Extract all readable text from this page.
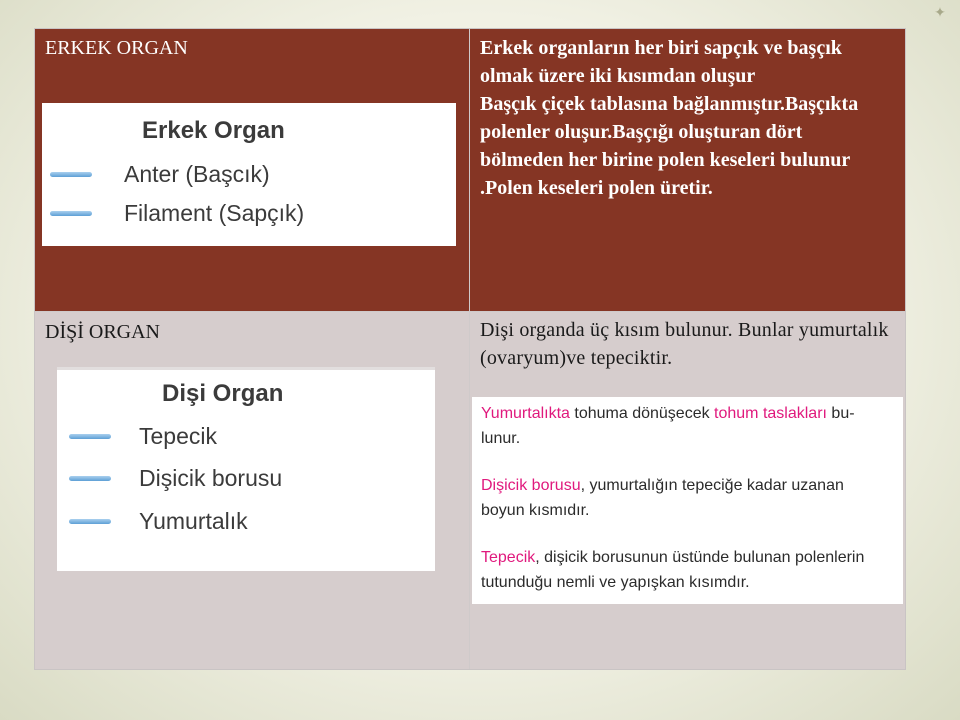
✦
ERKEK ORGAN	Erkek organların her biri sapçık ve başçık olmak üzere iki kısımdan oluşur

Başçık çiçek tablasına bağlanmıştır.Başçıkta polenler oluşur.Başçığı oluşturan dört bölmeden her birine polen keseleri bulunur .Polen keseleri polen üretir.

DİŞİ ORGAN	Dişi organda üç kısım bulunur. Bunlar yumurtalık (ovaryum)ve tepeciktir.

Erkek Organ
Anter (Başcık)
Filament (Sapçık)
Dişi Organ
Tepecik
Dişicik borusu
Yumurtalık
Yumurtalıkta tohuma dönüşecek tohum taslakları bu-
lunur.
Dişicik borusu, yumurtalığın tepeciğe kadar uzanan
boyun kısmıdır.
Tepecik, dişicik borusunun üstünde bulunan polenlerin
tutunduğu nemli ve yapışkan kısımdır.
